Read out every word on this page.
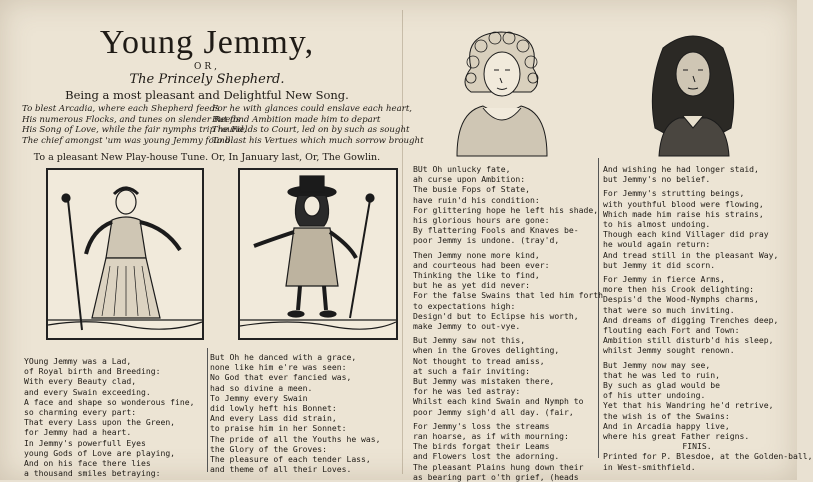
Young Jemmy,
OR,
The Princely Shepherd.
Being a most pleasant and Delightful New Song.
To blest Arcadia, where each Shepherd feeds
His numerous Flocks, and tunes on slender Reeds
His Song of Love, while the fair nymphs trip round,
The chief amongst 'um was young Jemmy found:
For he with glances could enslave each heart,
But fond Ambition made him to depart
The Fields to Court, led on by such as sought
To blast his Vertues which much sorrow brought
To a pleasant New Play-house Tune. Or, In January last, Or, The Gowlin.
YOung Jemmy was a Lad,
of Royal birth and Breeding:
With every Beauty clad,
and every Swain exceeding.
A face and shape so wonderous fine,
so charming every part:
That every Lass upon the Green,
for Jemmy had a heart.
In Jemmy's powerfull Eyes
young Gods of Love are playing,
And on his face there lies
a thousand smiles betraying:
But Oh he danced with a grace,
none like him e're was seen:
No God that ever fancied was,
had so divine a meen.
To Jemmy every Swain
did lowly heft his Bonnet:
And every Lass did strain,
to praise him in her Sonnet:
The pride of all the Youths he was,
the Glory of the Groves:
The pleasure of each tender Lass,
and theme of all their Loves.
BUt Oh unlucky fate,
ah curse upon Ambition:
The busie Fops of State,
have ruin'd his condition:
For glittering hope he left his shade,
his glorious hours are gone:
By flattering Fools and Knaves be-
poor Jemmy is undone. (tray'd,
Then Jemmy none more kind,
and courteous had been ever:
Thinking the like to find,
but he as yet did never:
For the false Swains that led him forth
to expectations high:
Design'd but to Eclipse his worth,
make Jemmy to out-vye.
But Jemmy saw not this,
when in the Groves delighting,
Not thought to tread amiss,
at such a fair inviting:
But Jemmy was mistaken there,
for he was led astray:
Whilst each kind Swain and Nymph to
poor Jemmy sigh'd all day. (fair,
For Jemmy's loss the streams
ran hoarse, as if with mourning:
The birds forgat their Leams
and Flowers lost the adorning.
The pleasant Plains hung down their
as bearing part o'th grief, (heads
And wishing he had longer staid,
but Jemmy's no belief.
For Jemmy's strutting beings,
with youthful blood were flowing,
Which made him raise his strains,
to his almost undoing.
Though each kind Villager did pray
he would again return:
And tread still in the pleasant Way,
but Jemmy it did scorn.
For Jemmy in fierce Arms,
more then his Crook delighting:
Despis'd the Wood-Nymphs charms,
that were so much inviting.
And dreams of digging Trenches deep,
flouting each Fort and Town:
Ambition still disturb'd his sleep,
whilst Jemmy sought renown.
But Jemmy now may see,
that he was led to ruin,
By such as glad would be
of his utter undoing.
Yet that his Wandring he'd retrive,
the wish is of the Swains:
And in Arcadia happy live,
where his great Father reigns.
FINIS.
Printed for P. Blesdoe, at the Golden-ball,
in West-smithfield.
